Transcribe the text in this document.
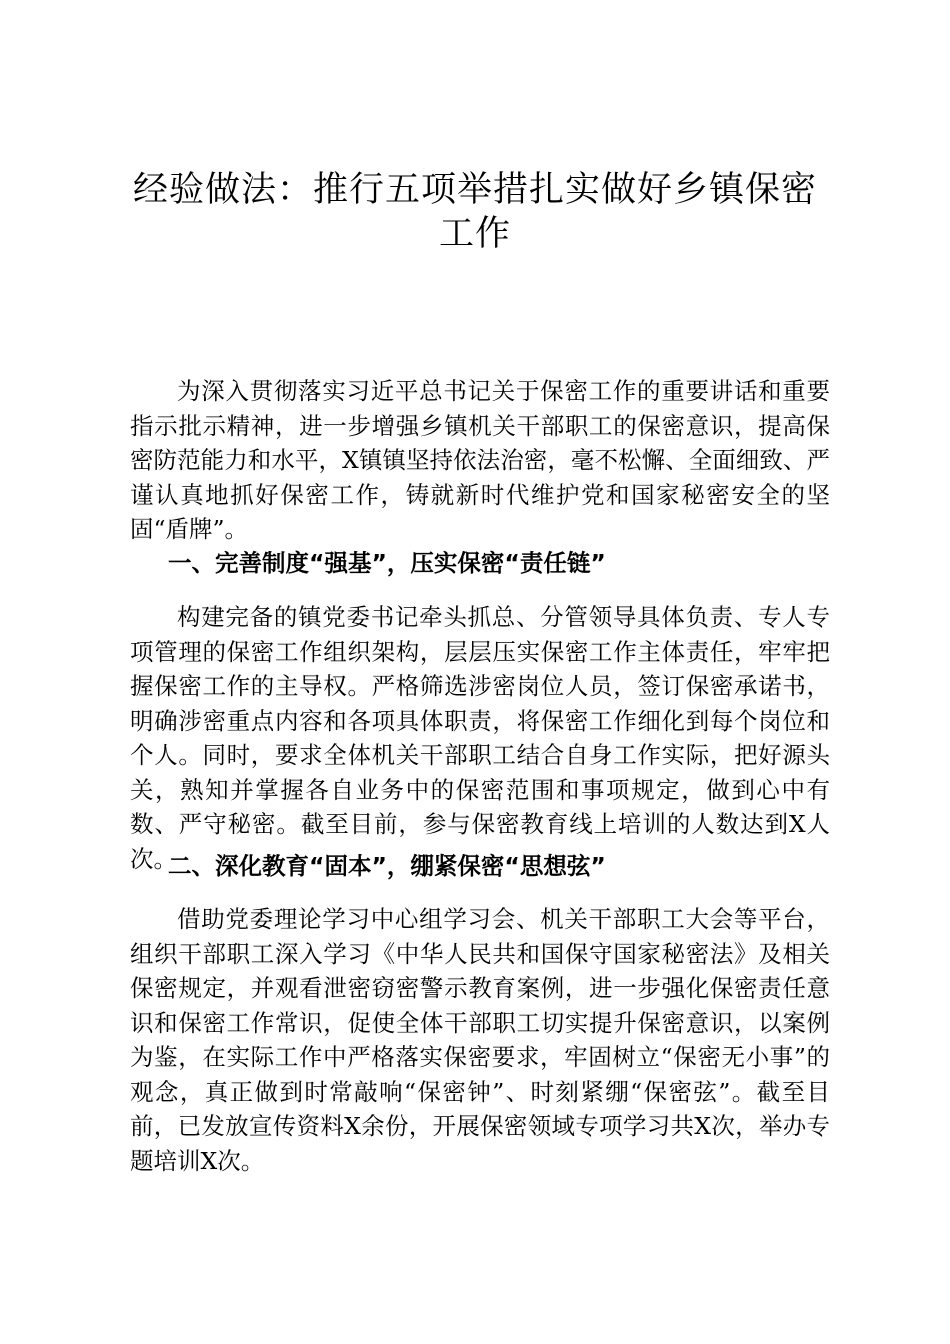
经验做法：推行五项举措扎实做好乡镇保密工作

为深入贯彻落实习近平总书记关于保密工作的重要讲话和重要指示批示精神，进一步增强乡镇机关干部职工的保密意识，提高保密防范能力和水平，X镇镇坚持依法治密，毫不松懈、全面细致、严谨认真地抓好保密工作，铸就新时代维护党和国家秘密安全的坚固“盾牌”。

一、完善制度“强基”，压实保密“责任链”

构建完备的镇党委书记牵头抓总、分管领导具体负责、专人专项管理的保密工作组织架构，层层压实保密工作主体责任，牢牢把握保密工作的主导权。严格筛选涉密岗位人员，签订保密承诺书，明确涉密重点内容和各项具体职责，将保密工作细化到每个岗位和个人。同时，要求全体机关干部职工结合自身工作实际，把好源头关，熟知并掌握各自业务中的保密范围和事项规定，做到心中有数、严守秘密。截至目前，参与保密教育线上培训的人数达到X人次。

二、深化教育“固本”，绷紧保密“思想弦”

借助党委理论学习中心组学习会、机关干部职工大会等平台，组织干部职工深入学习《中华人民共和国保守国家秘密法》及相关保密规定，并观看泄密窃密警示教育案例，进一步强化保密责任意识和保密工作常识，促使全体干部职工切实提升保密意识，以案例为鉴，在实际工作中严格落实保密要求，牢固树立“保密无小事”的观念，真正做到时常敲响“保密钟”、时刻紧绷“保密弦”。截至目前，已发放宣传资料X余份，开展保密领域专项学习共X次，举办专题培训X次。
